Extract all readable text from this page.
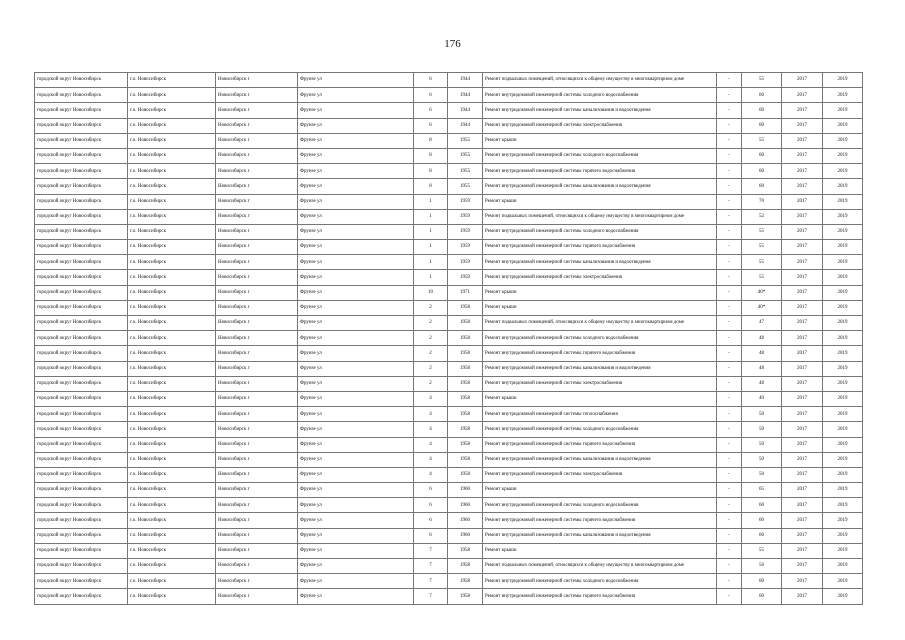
176
городской округ Новосибирск	г.о. Новосибирск	Новосибирск г	Фрунзе ул	6	1944	Ремонт подвальных помещений, относящихся к общему имуществу в многоквартирном доме	-	55	2017	2019
городской округ Новосибирск	г.о. Новосибирск	Новосибирск г	Фрунзе ул	6	1944	Ремонт внутридомовой инженерной системы холодного водоснабжения	-	60	2017	2019
городской округ Новосибирск	г.о. Новосибирск	Новосибирск г	Фрунзе ул	6	1944	Ремонт внутридомовой инженерной системы канализования и водоотведения	-	60	2017	2019
городской округ Новосибирск	г.о. Новосибирск	Новосибирск г	Фрунзе ул	6	1944	Ремонт внутридомовой инженерной системы электроснабжения	-	60	2017	2019
городской округ Новосибирск	г.о. Новосибирск	Новосибирск г	Фрунзе ул	8	1955	Ремонт крыши	-	55	2017	2019
городской округ Новосибирск	г.о. Новосибирск	Новосибирск г	Фрунзе ул	8	1955	Ремонт внутридомовой инженерной системы холодного водоснабжения	-	60	2017	2019
городской округ Новосибирск	г.о. Новосибирск	Новосибирск г	Фрунзе ул	8	1955	Ремонт внутридомовой инженерной системы горячего водоснабжения	-	60	2017	2019
городской округ Новосибирск	г.о. Новосибирск	Новосибирск г	Фрунзе ул	8	1955	Ремонт внутридомовой инженерной системы канализования и водоотведения	-	60	2017	2019
городской округ Новосибирск	г.о. Новосибирск	Новосибирск г	Фрунзе ул	1	1959	Ремонт крыши	-	70	2017	2019
городской округ Новосибирск	г.о. Новосибирск	Новосибирск г	Фрунзе ул	1	1959	Ремонт подвальных помещений, относящихся к общему имуществу в многоквартирном доме	-	52	2017	2019
городской округ Новосибирск	г.о. Новосибирск	Новосибирск г	Фрунзе ул	1	1959	Ремонт внутридомовой инженерной системы холодного водоснабжения	-	55	2017	2019
городской округ Новосибирск	г.о. Новосибирск	Новосибирск г	Фрунзе ул	1	1959	Ремонт внутридомовой инженерной системы горячего водоснабжения	-	55	2017	2019
городской округ Новосибирск	г.о. Новосибирск	Новосибирск г	Фрунзе ул	1	1959	Ремонт внутридомовой инженерной системы канализования и водоотведения	-	55	2017	2019
городской округ Новосибирск	г.о. Новосибирск	Новосибирск г	Фрунзе ул	1	1959	Ремонт внутридомовой инженерной системы электроснабжения	-	55	2017	2019
городской округ Новосибирск	г.о. Новосибирск	Новосибирск г	Фрунзе ул	10	1971	Ремонт крыши	-	40*	2017	2019
городской округ Новосибирск	г.о. Новосибирск	Новосибирск г	Фрунзе ул	2	1958	Ремонт крыши	-	40*	2017	2019
городской округ Новосибирск	г.о. Новосибирск	Новосибирск г	Фрунзе ул	2	1958	Ремонт подвальных помещений, относящихся к общему имуществу в многоквартирном доме	-	47	2017	2019
городской округ Новосибирск	г.о. Новосибирск	Новосибирск г	Фрунзе ул	2	1958	Ремонт внутридомовой инженерной системы холодного водоснабжения	-	48	2017	2019
городской округ Новосибирск	г.о. Новосибирск	Новосибирск г	Фрунзе ул	2	1958	Ремонт внутридомовой инженерной системы горячего водоснабжения	-	48	2017	2019
городской округ Новосибирск	г.о. Новосибирск	Новосибирск г	Фрунзе ул	2	1958	Ремонт внутридомовой инженерной системы канализования и водоотведения	-	48	2017	2019
городской округ Новосибирск	г.о. Новосибирск	Новосибирск г	Фрунзе ул	2	1958	Ремонт внутридомовой инженерной системы электроснабжения	-	48	2017	2019
городской округ Новосибирск	г.о. Новосибирск	Новосибирск г	Фрунзе ул	4	1958	Ремонт крыши	-	40	2017	2019
городской округ Новосибирск	г.о. Новосибирск	Новосибирск г	Фрунзе ул	4	1958	Ремонт внутридомовой инженерной системы теплоснабжения	-	50	2017	2019
городской округ Новосибирск	г.о. Новосибирск	Новосибирск г	Фрунзе ул	4	1958	Ремонт внутридомовой инженерной системы холодного водоснабжения	-	50	2017	2019
городской округ Новосибирск	г.о. Новосибирск	Новосибирск г	Фрунзе ул	4	1958	Ремонт внутридомовой инженерной системы горячего водоснабжения	-	50	2017	2019
городской округ Новосибирск	г.о. Новосибирск	Новосибирск г	Фрунзе ул	4	1958	Ремонт внутридомовой инженерной системы канализования и водоотведения	-	50	2017	2019
городской округ Новосибирск	г.о. Новосибирск	Новосибирск г	Фрунзе ул	4	1958	Ремонт внутридомовой инженерной системы электроснабжения	-	50	2017	2019
городской округ Новосибирск	г.о. Новосибирск	Новосибирск г	Фрунзе ул	6	1960	Ремонт крыши	-	65	2017	2019
городской округ Новосибирск	г.о. Новосибирск	Новосибирск г	Фрунзе ул	6	1960	Ремонт внутридомовой инженерной системы холодного водоснабжения	-	60	2017	2019
городской округ Новосибирск	г.о. Новосибирск	Новосибирск г	Фрунзе ул	6	1960	Ремонт внутридомовой инженерной системы горячего водоснабжения	-	60	2017	2019
городской округ Новосибирск	г.о. Новосибирск	Новосибирск г	Фрунзе ул	6	1960	Ремонт внутридомовой инженерной системы канализования и водоотведения	-	60	2017	2019
городской округ Новосибирск	г.о. Новосибирск	Новосибирск г	Фрунзе ул	7	1958	Ремонт крыши	-	55	2017	2019
городской округ Новосибирск	г.о. Новосибирск	Новосибирск г	Фрунзе ул	7	1958	Ремонт подвальных помещений, относящихся к общему имуществу в многоквартирном доме	-	56	2017	2019
городской округ Новосибирск	г.о. Новосибирск	Новосибирск г	Фрунзе ул	7	1958	Ремонт внутридомовой инженерной системы холодного водоснабжения	-	60	2017	2019
городской округ Новосибирск	г.о. Новосибирск	Новосибирск г	Фрунзе ул	7	1958	Ремонт внутридомовой инженерной системы горячего водоснабжения	-	60	2017	2019
